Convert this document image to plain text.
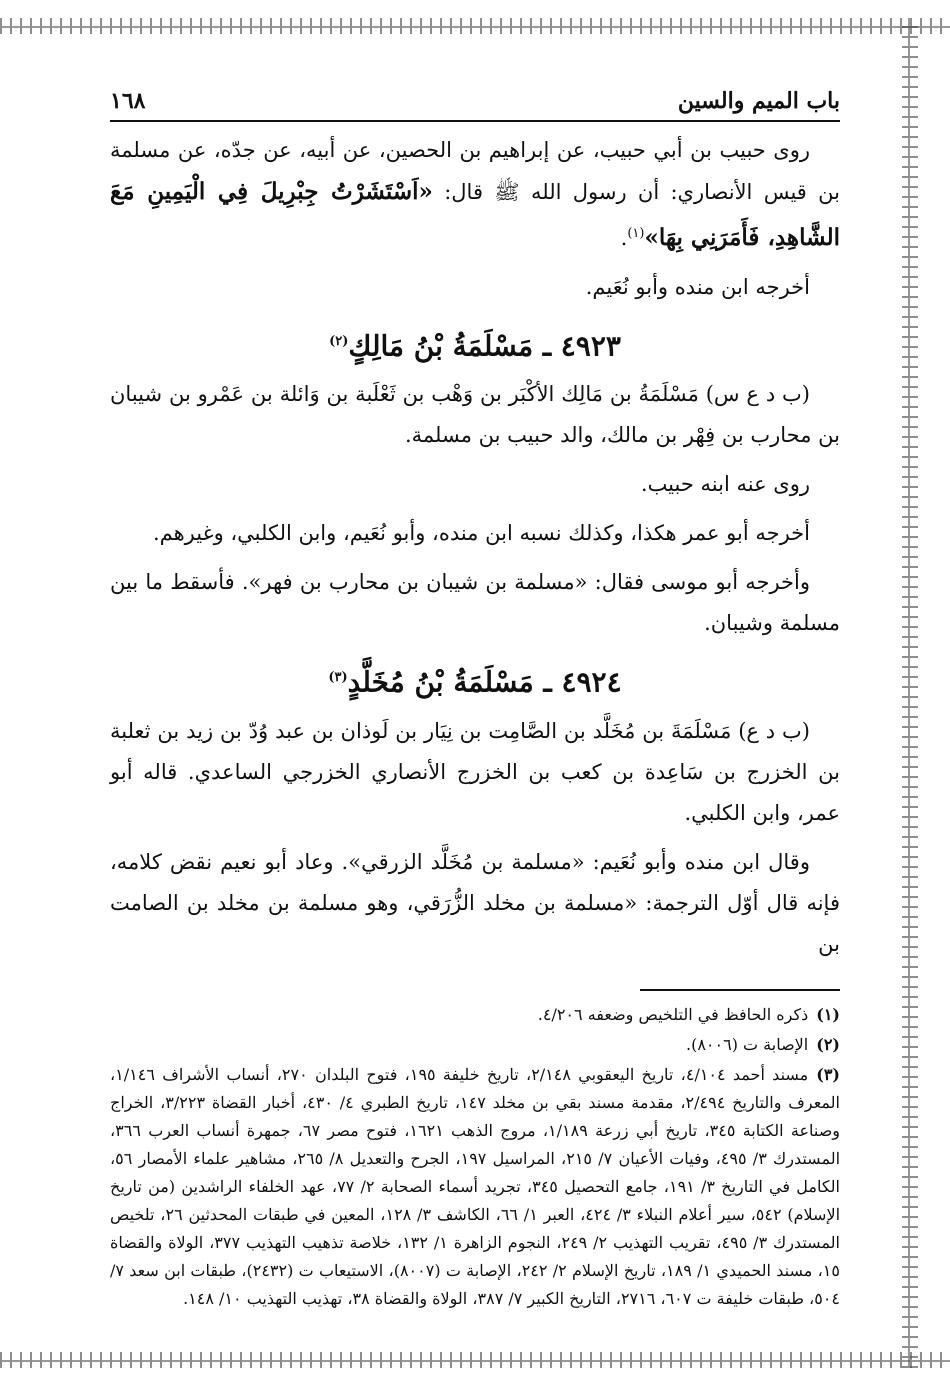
باب الميم والسين
١٦٨

روى حبيب بن أبي حبيب، عن إبراهيم بن الحصين، عن أبيه، عن جدّه، عن مسلمة بن قيس الأنصاري: أن رسول الله ﷺ قال: «اَسْتَشَرْتُ جِبْرِيلَ فِي الْيَمِينِ مَعَ الشَّاهِدِ، فَأَمَرَنِي بِهَا»$^{(١)}$.

أخرجه ابن منده وأبو نُعَيم.

٤٩٢٣ ـ مَسْلَمَةُ بْنُ مَالِكٍ$^{(٢)}$

(ب د ع س) مَسْلَمَةُ بن مَالِك الأكْبَر بن وَهْب بن ثَعْلَبة بن وَائلة بن عَمْرو بن شيبان بن محارب بن فِهْر بن مالك، والد حبيب بن مسلمة.

روى عنه ابنه حبيب.

أخرجه أبو عمر هكذا، وكذلك نسبه ابن منده، وأبو نُعَيم، وابن الكلبي، وغيرهم.

وأخرجه أبو موسى فقال: «مسلمة بن شيبان بن محارب بن فهر». فأسقط ما بين مسلمة وشيبان.

٤٩٢٤ ـ مَسْلَمَةُ بْنُ مُخَلَّدٍ$^{(٣)}$

(ب د ع) مَسْلَمَةَ بن مُخَلَّد بن الصَّامِت بن نِيَار بن لَوذان بن عبد وُدّ بن زيد بن ثعلبة بن الخزرج بن سَاعِدة بن كعب بن الخزرج الأنصاري الخزرجي الساعدي. قاله أبو عمر، وابن الكلبي.

وقال ابن منده وأبو نُعَيم: «مسلمة بن مُخَلَّد الزرقي». وعاد أبو نعيم نقض كلامه، فإنه قال أوّل الترجمة: «مسلمة بن مخلد الزُّرَقي، وهو مسلمة بن مخلد بن الصامت بن

(١)ذكره الحافظ في التلخيص وضعفه ٤/٢٠٦.
(٢)الإصابة ت (٨٠٠٦).
(٣)مسند أحمد ٤/١٠٤، تاريخ اليعقوبي ٢/١٤٨، تاريخ خليفة ١٩٥، فتوح البلدان ٢٧٠، أنساب الأشراف ١/١٤٦، المعرف والتاريخ ٢/٤٩٤، مقدمة مسند بقي بن مخلد ١٤٧، تاريخ الطبري ٤/ ٤٣٠، أخبار القضاة ٣/٢٢٣، الخراج وصناعة الكتابة ٣٤٥، تاريخ أبي زرعة ١/١٨٩، مروج الذهب ١٦٢١، فتوح مصر ٦٧، جمهرة أنساب العرب ٣٦٦، المستدرك ٣/ ٤٩٥، وفيات الأعيان ٧/ ٢١٥، المراسيل ١٩٧، الجرح والتعديل ٨/ ٢٦٥، مشاهير علماء الأمصار ٥٦، الكامل في التاريخ ٣/ ١٩١، جامع التحصيل ٣٤٥، تجريد أسماء الصحابة ٢/ ٧٧، عهد الخلفاء الراشدين (من تاريخ الإسلام) ٥٤٢، سير أعلام النبلاء ٣/ ٤٢٤، العبر ١/ ٦٦، الكاشف ٣/ ١٢٨، المعين في طبقات المحدثين ٢٦، تلخيص المستدرك ٣/ ٤٩٥، تقريب التهذيب ٢/ ٢٤٩، النجوم الزاهرة ١/ ١٣٢، خلاصة تذهيب التهذيب ٣٧٧، الولاة والقضاة ١٥، مسند الحميدي ١/ ١٨٩، تاريخ الإسلام ٢/ ٢٤٢، الإصابة ت (٨٠٠٧)، الاستيعاب ت (٢٤٣٢)، طبقات ابن سعد ٧/ ٥٠٤، طبقات خليفة ت ٦٠٧، ٢٧١٦، التاريخ الكبير ٧/ ٣٨٧، الولاة والقضاة ٣٨، تهذيب التهذيب ١٠/ ١٤٨.
